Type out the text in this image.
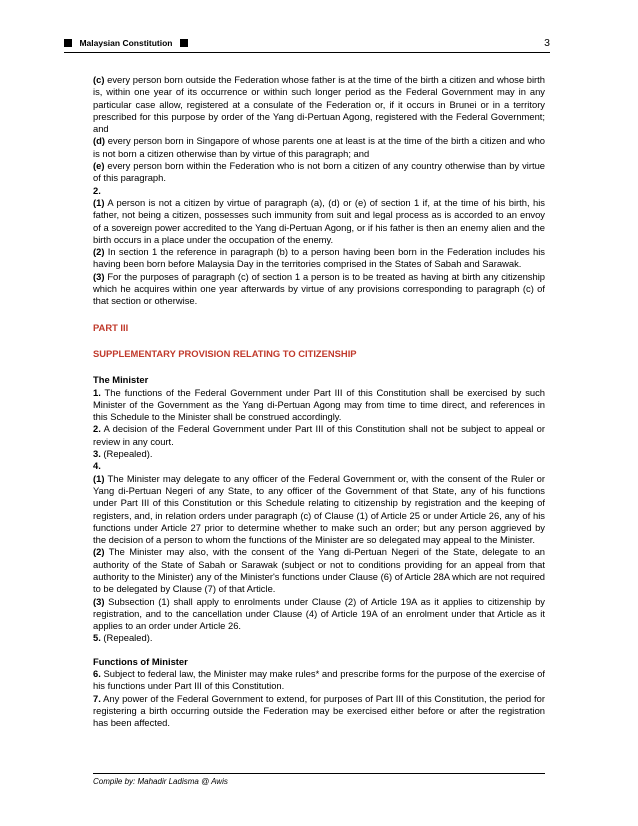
Malaysian Constitution	3

(c) every person born outside the Federation whose father is at the time of the birth a citizen and whose birth is, within one year of its occurrence or within such longer period as the Federal Government may in any particular case allow, registered at a consulate of the Federation or, if it occurs in Brunei or in a territory prescribed for this purpose by order of the Yang di-Pertuan Agong, registered with the Federal Government; and

(d) every person born in Singapore of whose parents one at least is at the time of the birth a citizen and who is not born a citizen otherwise than by virtue of this paragraph; and

(e) every person born within the Federation who is not born a citizen of any country otherwise than by virtue of this paragraph.

2.

(1) A person is not a citizen by virtue of paragraph (a), (d) or (e) of section 1 if, at the time of his birth, his father, not being a citizen, possesses such immunity from suit and legal process as is accorded to an envoy of a sovereign power accredited to the Yang di-Pertuan Agong, or if his father is then an enemy alien and the birth occurs in a place under the occupation of the enemy.

(2) In section 1 the reference in paragraph (b) to a person having been born in the Federation includes his having been born before Malaysia Day in the territories comprised in the States of Sabah and Sarawak.

(3) For the purposes of paragraph (c) of section 1 a person is to be treated as having at birth any citizenship which he acquires within one year afterwards by virtue of any provisions corresponding to paragraph (c) of that section or otherwise.

PART III

SUPPLEMENTARY PROVISION RELATING TO CITIZENSHIP

The Minister

1. The functions of the Federal Government under Part III of this Constitution shall be exercised by such Minister of the Government as the Yang di-Pertuan Agong may from time to time direct, and references in this Schedule to the Minister shall be construed accordingly.

2. A decision of the Federal Government under Part III of this Constitution shall not be subject to appeal or review in any court.

3. (Repealed).

4.

(1) The Minister may delegate to any officer of the Federal Government or, with the consent of the Ruler or Yang di-Pertuan Negeri of any State, to any officer of the Government of that State, any of his functions under Part III of this Constitution or this Schedule relating to citizenship by registration and the keeping of registers, and, in relation orders under paragraph (c) of Clause (1) of Article 25 or under Article 26, any of his functions under Article 27 prior to determine whether to make such an order; but any person aggrieved by the decision of a person to whom the functions of the Minister are so delegated may appeal to the Minister.

(2) The Minister may also, with the consent of the Yang di-Pertuan Negeri of the State, delegate to an authority of the State of Sabah or Sarawak (subject or not to conditions providing for an appeal from that authority to the Minister) any of the Minister's functions under Clause (6) of Article 28A which are not required to be delegated by Clause (7) of that Article.

(3) Subsection (1) shall apply to enrolments under Clause (2) of Article 19A as it applies to citizenship by registration, and to the cancellation under Clause (4) of Article 19A of an enrolment under that Article as it applies to an order under Article 26.

5. (Repealed).

Functions of Minister

6. Subject to federal law, the Minister may make rules* and prescribe forms for the purpose of the exercise of his functions under Part III of this Constitution.

7. Any power of the Federal Government to extend, for purposes of Part III of this Constitution, the period for registering a birth occurring outside the Federation may be exercised either before or after the registration has been affected.

Compile by: Mahadir Ladisma @ Awis
